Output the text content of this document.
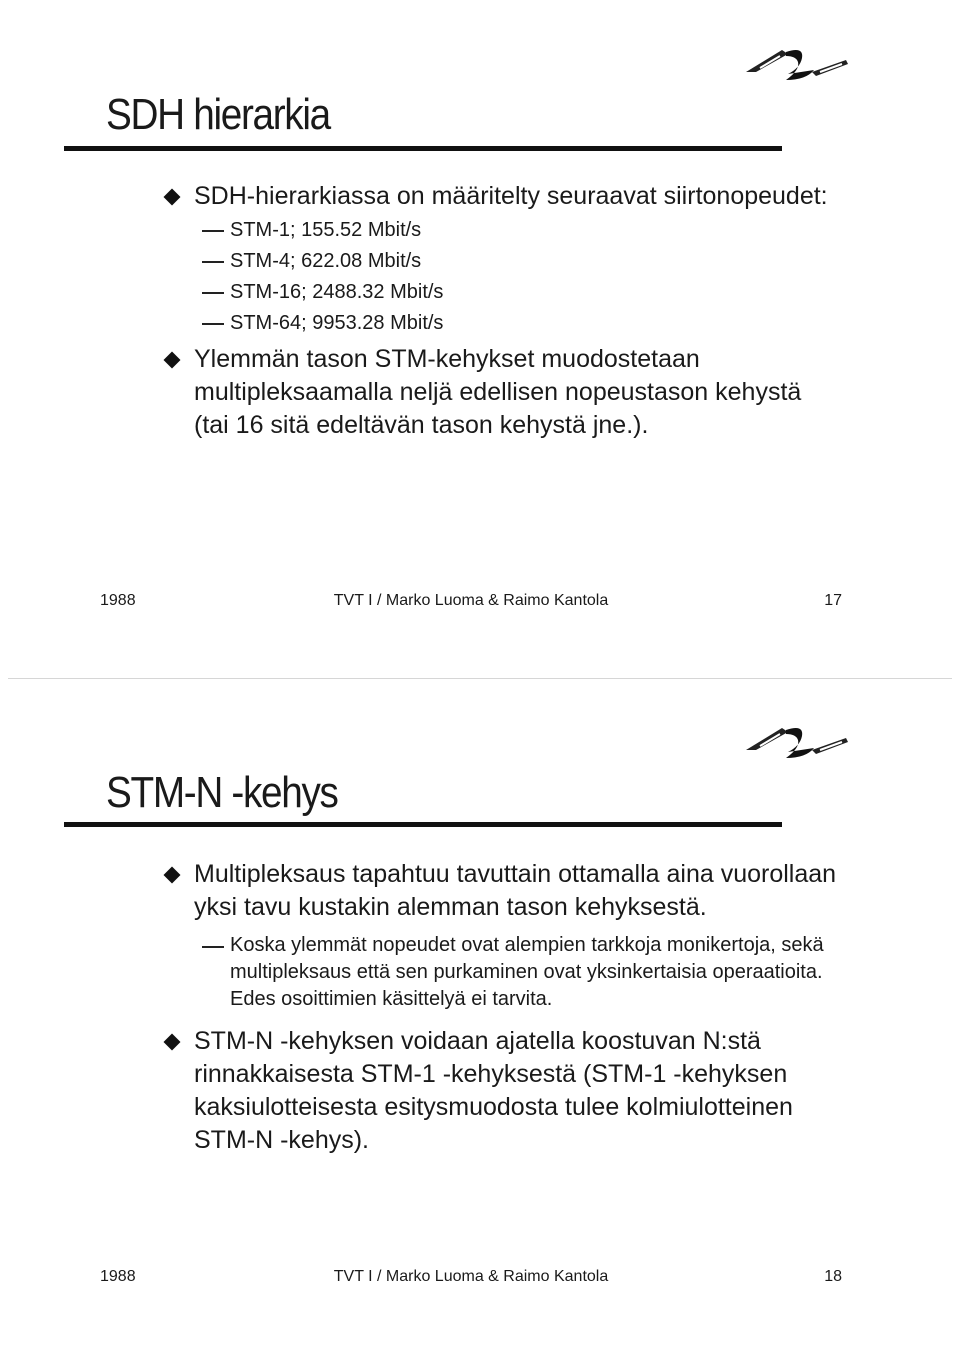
SDH hierarkia
SDH-hierarkiassa on määritelty seuraavat siirtonopeudet:
STM-1; 155.52 Mbit/s
STM-4; 622.08 Mbit/s
STM-16; 2488.32 Mbit/s
STM-64; 9953.28 Mbit/s
Ylemmän tason STM-kehykset muodostetaan multipleksaamalla neljä edellisen nopeustason kehystä (tai 16 sitä edeltävän tason kehystä jne.).
1988	TVT I / Marko Luoma & Raimo Kantola	17
STM-N -kehys
Multipleksaus tapahtuu tavuttain ottamalla aina vuorollaan yksi tavu kustakin alemman tason kehyksestä.
Koska ylemmät nopeudet ovat alempien tarkkoja monikertoja, sekä multipleksaus että sen purkaminen ovat yksinkertaisia operaatioita. Edes osoittimien käsittelyä ei tarvita.
STM-N -kehyksen voidaan ajatella koostuvan N:stä rinnakkaisesta STM-1 -kehyksestä (STM-1 -kehyksen kaksiulotteisesta esitysmuodosta tulee kolmiulotteinen STM-N -kehys).
1988	TVT I / Marko Luoma & Raimo Kantola	18
